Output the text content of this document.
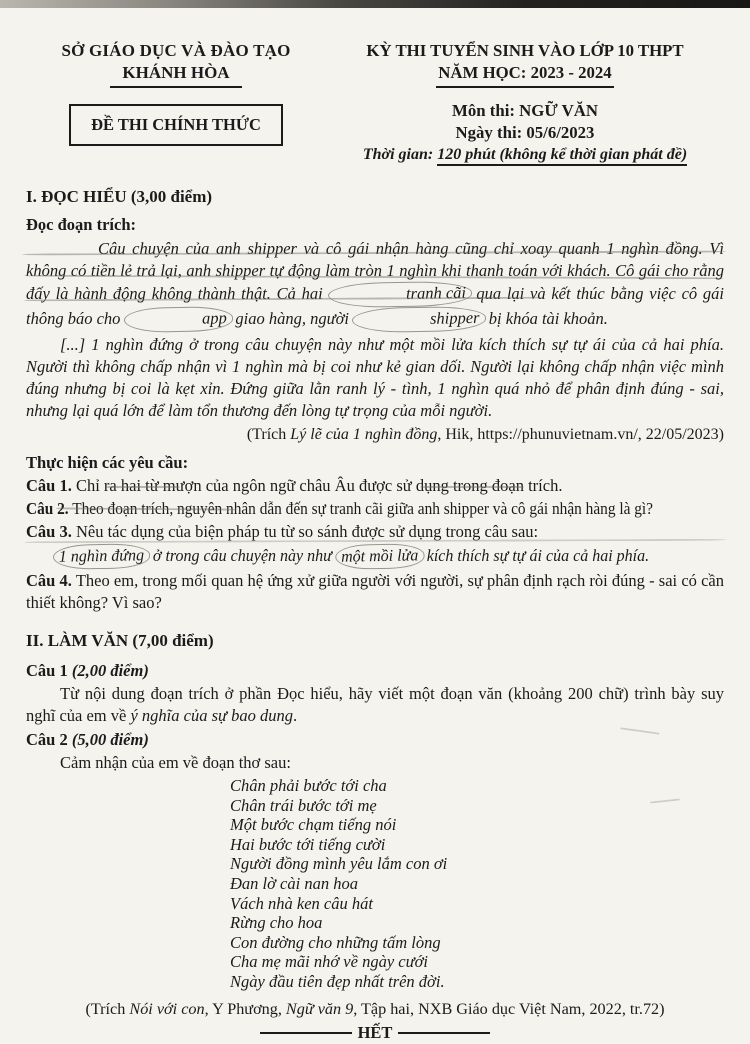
SỞ GIÁO DỤC VÀ ĐÀO TẠO
KHÁNH HÒA
ĐỀ THI CHÍNH THỨC
KỲ THI TUYỂN SINH VÀO LỚP 10 THPT
NĂM HỌC: 2023 - 2024
Môn thi: NGỮ VĂN
Ngày thi: 05/6/2023
Thời gian: 120 phút (không kể thời gian phát đề)
I. ĐỌC HIỂU (3,00 điểm)
Đọc đoạn trích:

Câu chuyện của anh shipper và cô gái nhận hàng cũng chỉ xoay quanh 1 nghìn đồng. Vì không có tiền lẻ trả lại, anh shipper tự động làm tròn 1 nghìn khi thanh toán với khách. Cô gái cho rằng đấy là hành động không thành thật. Cả hai	tranh cãi qua lại và kết thúc bằng việc cô gái thông báo cho	app giao hàng, người	shipper bị khóa tài khoản.

[...] 1 nghìn đứng ở trong câu chuyện này như một mồi lửa kích thích sự tự ái của cả hai phía. Người thì không chấp nhận vì 1 nghìn mà bị coi như kẻ gian dối. Người lại không chấp nhận việc mình đúng nhưng bị coi là kẹt xỉn. Đứng giữa lằn ranh lý - tình, 1 nghìn quá nhỏ để phân định đúng - sai, nhưng lại quá lớn để làm tổn thương đến lòng tự trọng của mỗi người.

(Trích Lý lẽ của 1 nghìn đồng, Hik, https://phunuvietnam.vn/, 22/05/2023)
Thực hiện các yêu cầu:
Câu 1. Chỉ ra hai từ mượn của ngôn ngữ châu Âu được sử dụng trong đoạn trích.
Câu 2. Theo đoạn trích, nguyên nhân dẫn đến sự tranh cãi giữa anh shipper và cô gái nhận hàng là gì?
Câu 3. Nêu tác dụng của biện pháp tu từ so sánh được sử dụng trong câu sau:
1 nghìn đứng ở trong câu chuyện này như một mồi lửa kích thích sự tự ái của cả hai phía.
Câu 4. Theo em, trong mối quan hệ ứng xử giữa người với người, sự phân định rạch ròi đúng - sai có cần thiết không? Vì sao?
II. LÀM VĂN (7,00 điểm)
Câu 1 (2,00 điểm)
Từ nội dung đoạn trích ở phần Đọc hiểu, hãy viết một đoạn văn (khoảng 200 chữ) trình bày suy nghĩ của em về ý nghĩa của sự bao dung.
Câu 2 (5,00 điểm)
Cảm nhận của em về đoạn thơ sau:
Chân phải bước tới cha
Chân trái bước tới mẹ
Một bước chạm tiếng nói
Hai bước tới tiếng cười
Người đồng mình yêu lắm con ơi
Đan lờ cài nan hoa
Vách nhà ken câu hát
Rừng cho hoa
Con đường cho những tấm lòng
Cha mẹ mãi nhớ về ngày cưới
Ngày đầu tiên đẹp nhất trên đời.
(Trích Nói với con, Y Phương, Ngữ văn 9, Tập hai, NXB Giáo dục Việt Nam, 2022, tr.72)
HẾT
